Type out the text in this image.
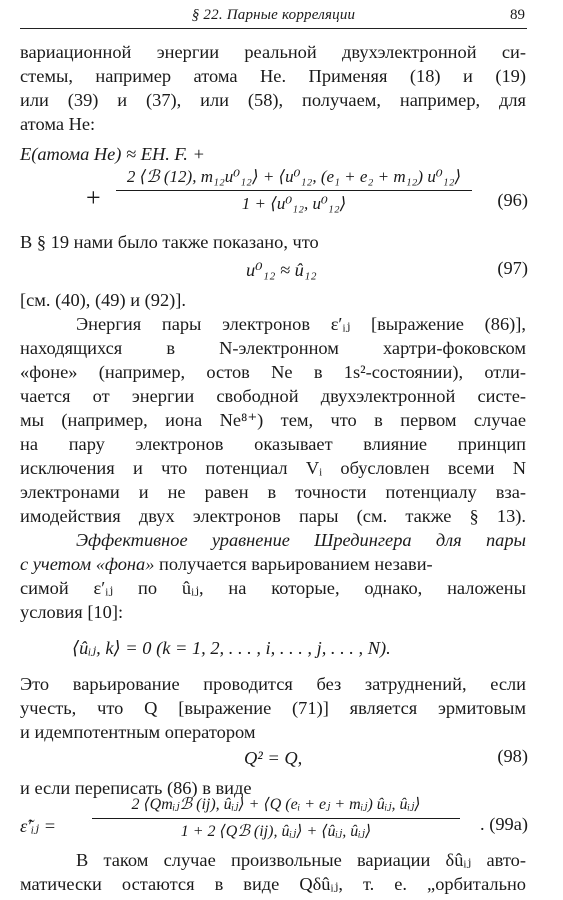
§ 22. Парные корреляции	89
вариационной энергии реальной двухэлектронной си-
стемы, например атома He. Применяя (18) и (19)
или (39) и (37), или (58), получаем, например, для
атома He:
E(атома He) ≈ EH. F. +
+
2 ⟨ℬ (12), m₁₂u⁰₁₂⟩ + ⟨u⁰₁₂, (e₁ + e₂ + m₁₂) u⁰₁₂⟩
1 + ⟨u⁰₁₂, u⁰₁₂⟩	(96)
В § 19 нами было также показано, что
u⁰₁₂ ≈ û₁₂	(97)
[см. (40), (49) и (92)].
Энергия пары электронов ε′ᵢⱼ [выражение (86)],
находящихся в N-электронном хартри-фоковском
«фоне» (например, остов Ne в 1s²-состоянии), отли-
чается от энергии свободной двухэлектронной систе-
мы (например, иона Ne⁸⁺) тем, что в первом случае
на пару электронов оказывает влияние принцип
исключения и что потенциал Vᵢ обусловлен всеми N
электронами и не равен в точности потенциалу вза-
имодействия двух электронов пары (см. также § 13).
Эффективное уравнение Шредингера для пары
с учетом «фона» получается варьированием незави-
симой ε′ᵢⱼ по ûᵢⱼ, на которые, однако, наложены
условия [10]:
⟨ûᵢⱼ, k⟩ = 0 (k = 1, 2, . . . , i, . . . , j, . . . , N).
Это варьирование проводится без затруднений, если
учесть, что Q [выражение (71)] является эрмитовым
и идемпотентным оператором
Q² = Q,	(98)
и если переписать (86) в виде
ε̃′ᵢⱼ =
2 ⟨Qmᵢⱼℬ (ij), ûᵢⱼ⟩ + ⟨Q (eᵢ + eⱼ + mᵢⱼ) ûᵢⱼ, ûᵢⱼ⟩
1 + 2 ⟨Qℬ (ij), ûᵢⱼ⟩ + ⟨ûᵢⱼ, ûᵢⱼ⟩	. (99а)
В таком случае произвольные вариации δûᵢⱼ авто-
матически остаются в виде Qδûᵢⱼ, т. е. „орбитально
